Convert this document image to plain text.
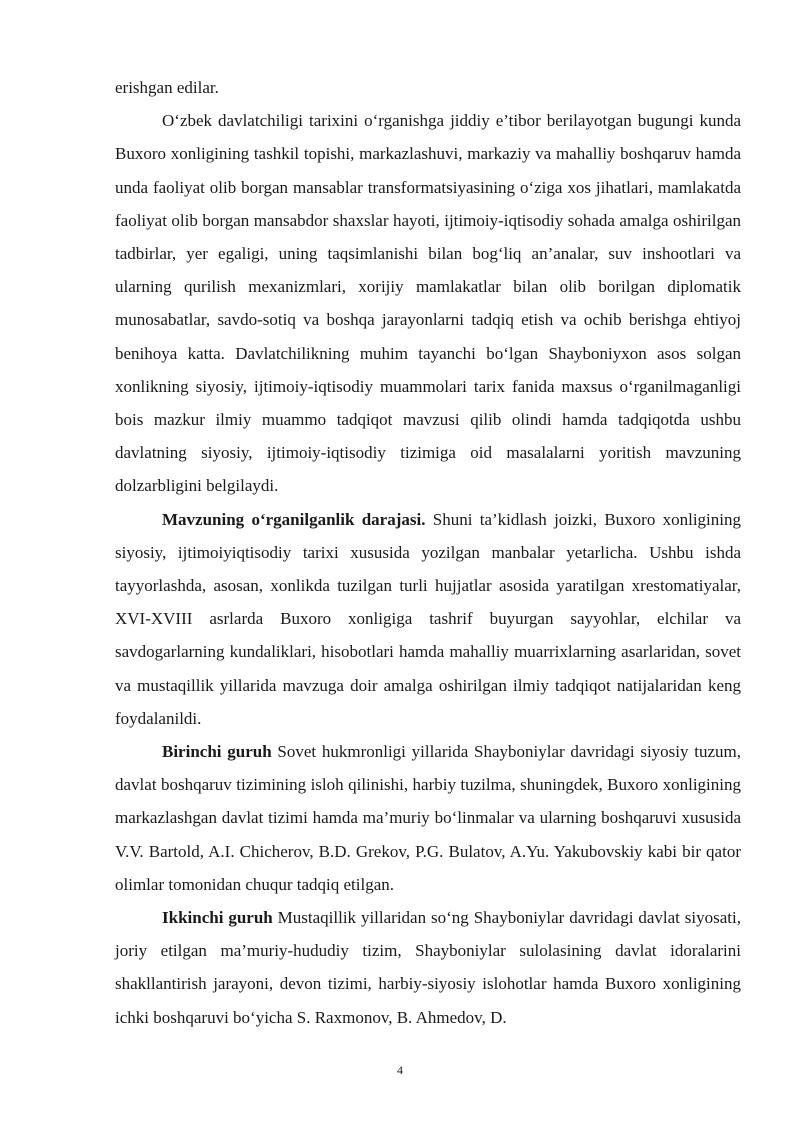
erishgan edilar.

O‘zbek davlatchiligi tarixini o‘rganishga jiddiy e’tibor berilayotgan bugungi kunda Buxoro xonligining tashkil topishi, markazlashuvi, markaziy va mahalliy boshqaruv hamda unda faoliyat olib borgan mansablar transformatsiyasining o‘ziga xos jihatlari, mamlakatda faoliyat olib borgan mansabdor shaxslar hayoti, ijtimoiy-iqtisodiy sohada amalga oshirilgan tadbirlar, yer egaligi, uning taqsimlanishi bilan bog‘liq an’analar, suv inshootlari va ularning qurilish mexanizmlari, xorijiy mamlakatlar bilan olib borilgan diplomatik munosabatlar, savdo-sotiq va boshqa jarayonlarni tadqiq etish va ochib berishga ehtiyoj benihoya katta. Davlatchilikning muhim tayanchi bo‘lgan Shayboniyxon asos solgan xonlikning siyosiy, ijtimoiy-iqtisodiy muammolari tarix fanida maxsus o‘rganilmaganligi bois mazkur ilmiy muammo tadqiqot mavzusi qilib olindi hamda tadqiqotda ushbu davlatning siyosiy, ijtimoiy-iqtisodiy tizimiga oid masalalarni yoritish mavzuning dolzarbligini belgilaydi.

Mavzuning o‘rganilganlik darajasi. Shuni ta’kidlash joizki, Buxoro xonligining siyosiy, ijtimoiyiqtisodiy tarixi xususida yozilgan manbalar yetarlicha. Ushbu ishda tayyorlashda, asosan, xonlikda tuzilgan turli hujjatlar asosida yaratilgan xrestomatiyalar, XVI-XVIII asrlarda Buxoro xonligiga tashrif buyurgan sayyohlar, elchilar va savdogarlarning kundaliklari, hisobotlari hamda mahalliy muarrixlarning asarlaridan, sovet va mustaqillik yillarida mavzuga doir amalga oshirilgan ilmiy tadqiqot natijalaridan keng foydalanildi.

Birinchi guruh Sovet hukmronligi yillarida Shayboniylar davridagi siyosiy tuzum, davlat boshqaruv tizimining isloh qilinishi, harbiy tuzilma, shuningdek, Buxoro xonligining markazlashgan davlat tizimi hamda ma’muriy bo‘linmalar va ularning boshqaruvi xususida V.V. Bartold, A.I. Chicherov, B.D. Grekov, P.G. Bulatov, A.Yu. Yakubovskiy kabi bir qator olimlar tomonidan chuqur tadqiq etilgan.

Ikkinchi guruh Mustaqillik yillaridan so‘ng Shayboniylar davridagi davlat siyosati, joriy etilgan ma’muriy-hududiy tizim, Shayboniylar sulolasining davlat idoralarini shakllantirish jarayoni, devon tizimi, harbiy-siyosiy islohotlar hamda Buxoro xonligining ichki boshqaruvi bo‘yicha S. Raxmonov, B. Ahmedov, D.

4
